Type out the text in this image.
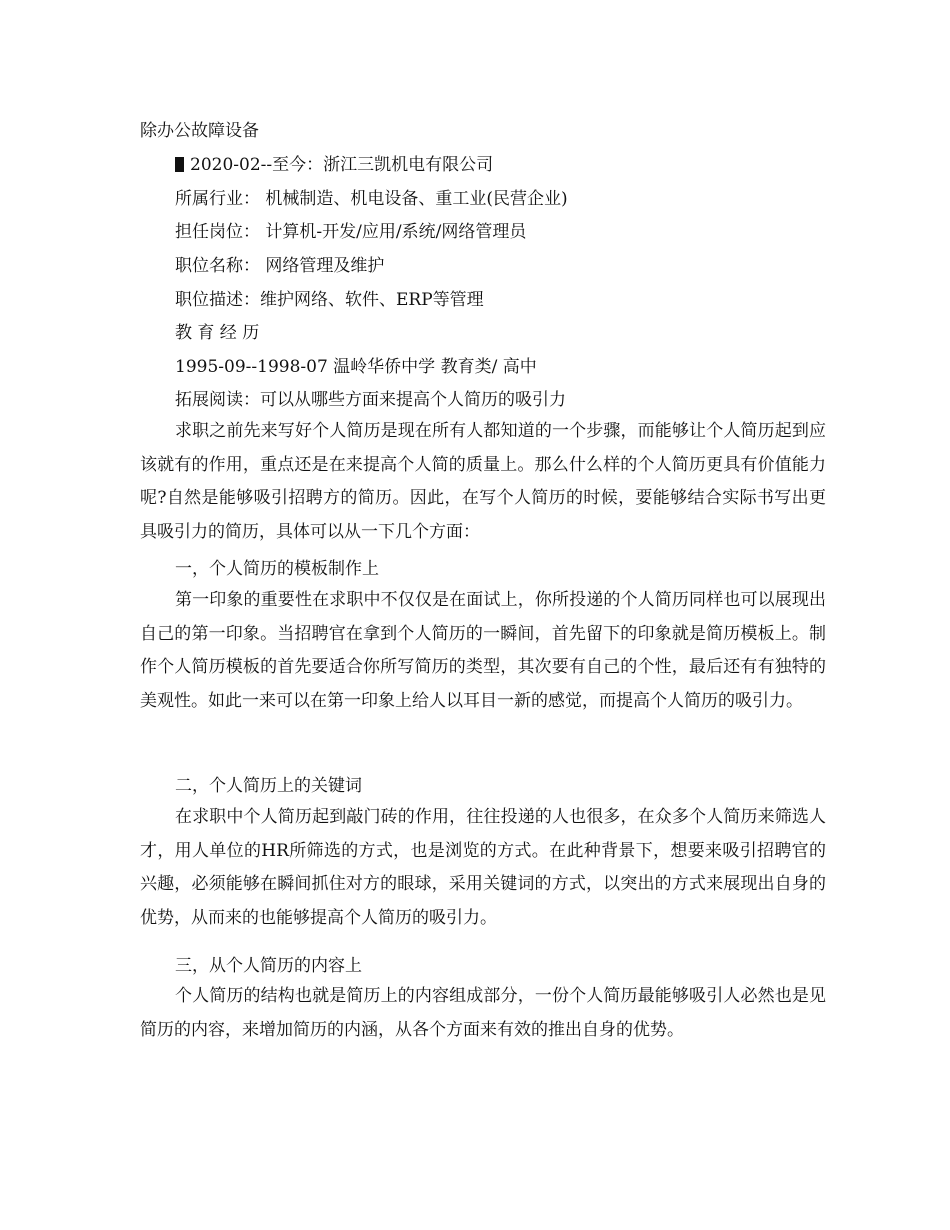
除办公故障设备
2020-02--至今：浙江三凯机电有限公司
所属行业： 机械制造、机电设备、重工业(民营企业)
担任岗位： 计算机-开发/应用/系统/网络管理员
职位名称： 网络管理及维护
职位描述：维护网络、软件、ERP等管理
教 育 经 历
1995-09--1998-07 温岭华侨中学 教育类/ 高中
拓展阅读：可以从哪些方面来提高个人简历的吸引力
求职之前先来写好个人简历是现在所有人都知道的一个步骤，而能够让个人简历起到应该就有的作用，重点还是在来提高个人简的质量上。那么什么样的个人简历更具有价值能力呢?自然是能够吸引招聘方的简历。因此，在写个人简历的时候，要能够结合实际书写出更具吸引力的简历，具体可以从一下几个方面：
一，个人简历的模板制作上
第一印象的重要性在求职中不仅仅是在面试上，你所投递的个人简历同样也可以展现出自己的第一印象。当招聘官在拿到个人简历的一瞬间，首先留下的印象就是简历模板上。制作个人简历模板的首先要适合你所写简历的类型，其次要有自己的个性，最后还有有独特的美观性。如此一来可以在第一印象上给人以耳目一新的感觉，而提高个人简历的吸引力。
二，个人简历上的关键词
在求职中个人简历起到敲门砖的作用，往往投递的人也很多，在众多个人简历来筛选人才，用人单位的HR所筛选的方式，也是浏览的方式。在此种背景下，想要来吸引招聘官的兴趣，必须能够在瞬间抓住对方的眼球，采用关键词的方式，以突出的方式来展现出自身的优势，从而来的也能够提高个人简历的吸引力。
三，从个人简历的内容上
个人简历的结构也就是简历上的内容组成部分，一份个人简历最能够吸引人必然也是见简历的内容，来增加简历的内涵，从各个方面来有效的推出自身的优势。
